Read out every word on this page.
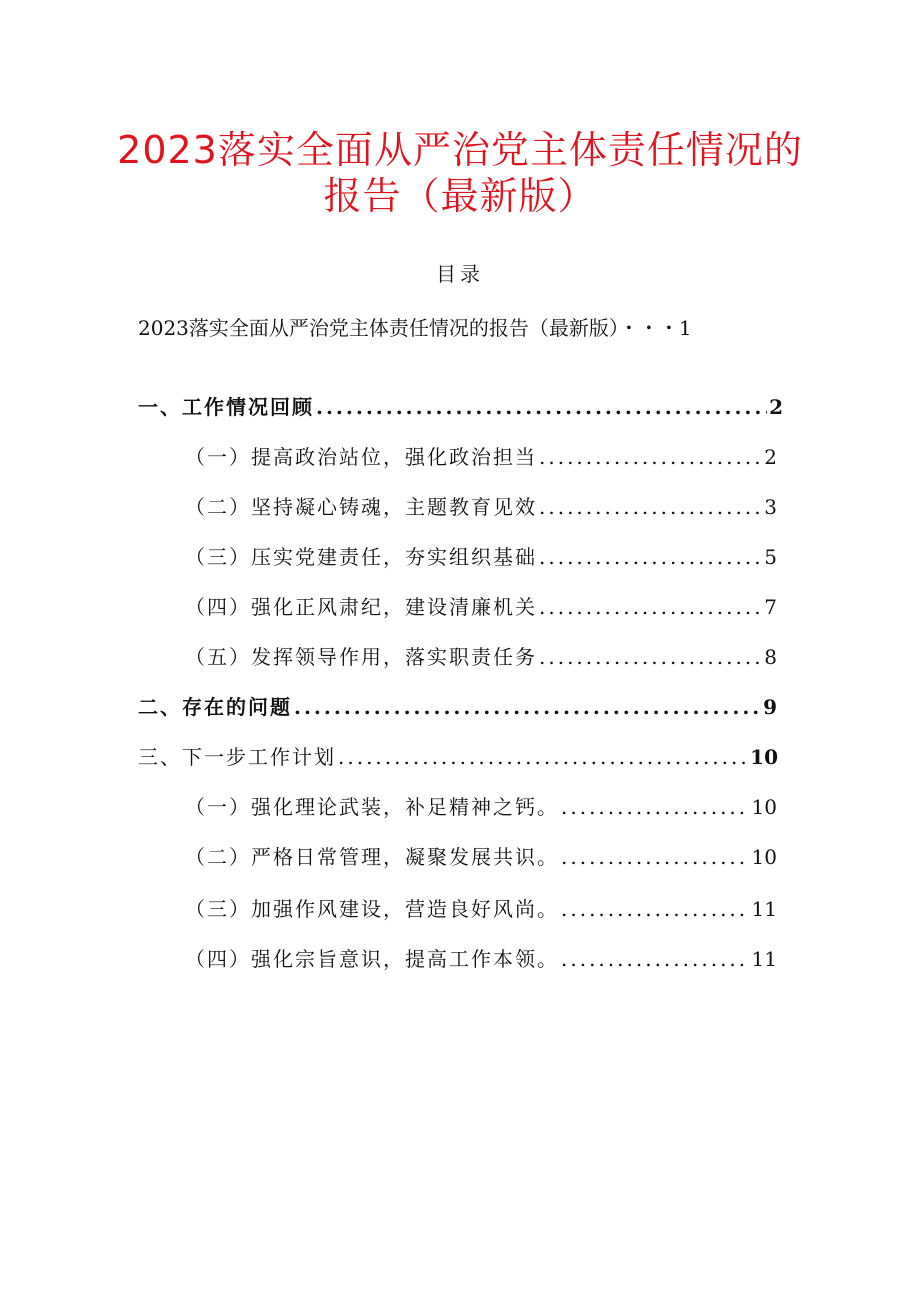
2023落实全面从严治党主体责任情况的
报告（最新版）
目录
2023落实全面从严治党主体责任情况的报告（最新版）・・・1
一、工作情况回顾 .....	2
（一）提高政治站位，强化政治担当 .....	2
（二）坚持凝心铸魂，主题教育见效 .....	3
（三）压实党建责任，夯实组织基础 .....	5
（四）强化正风肃纪，建设清廉机关 .....	7
（五）发挥领导作用，落实职责任务 .....	8
二、存在的问题 .....	9
三、下一步工作计划 .....	10
（一）强化理论武装，补足精神之钙。 .....	10
（二）严格日常管理，凝聚发展共识。 .....	10
（三）加强作风建设，营造良好风尚。 .....	11
（四）强化宗旨意识，提高工作本领。 .....	11
